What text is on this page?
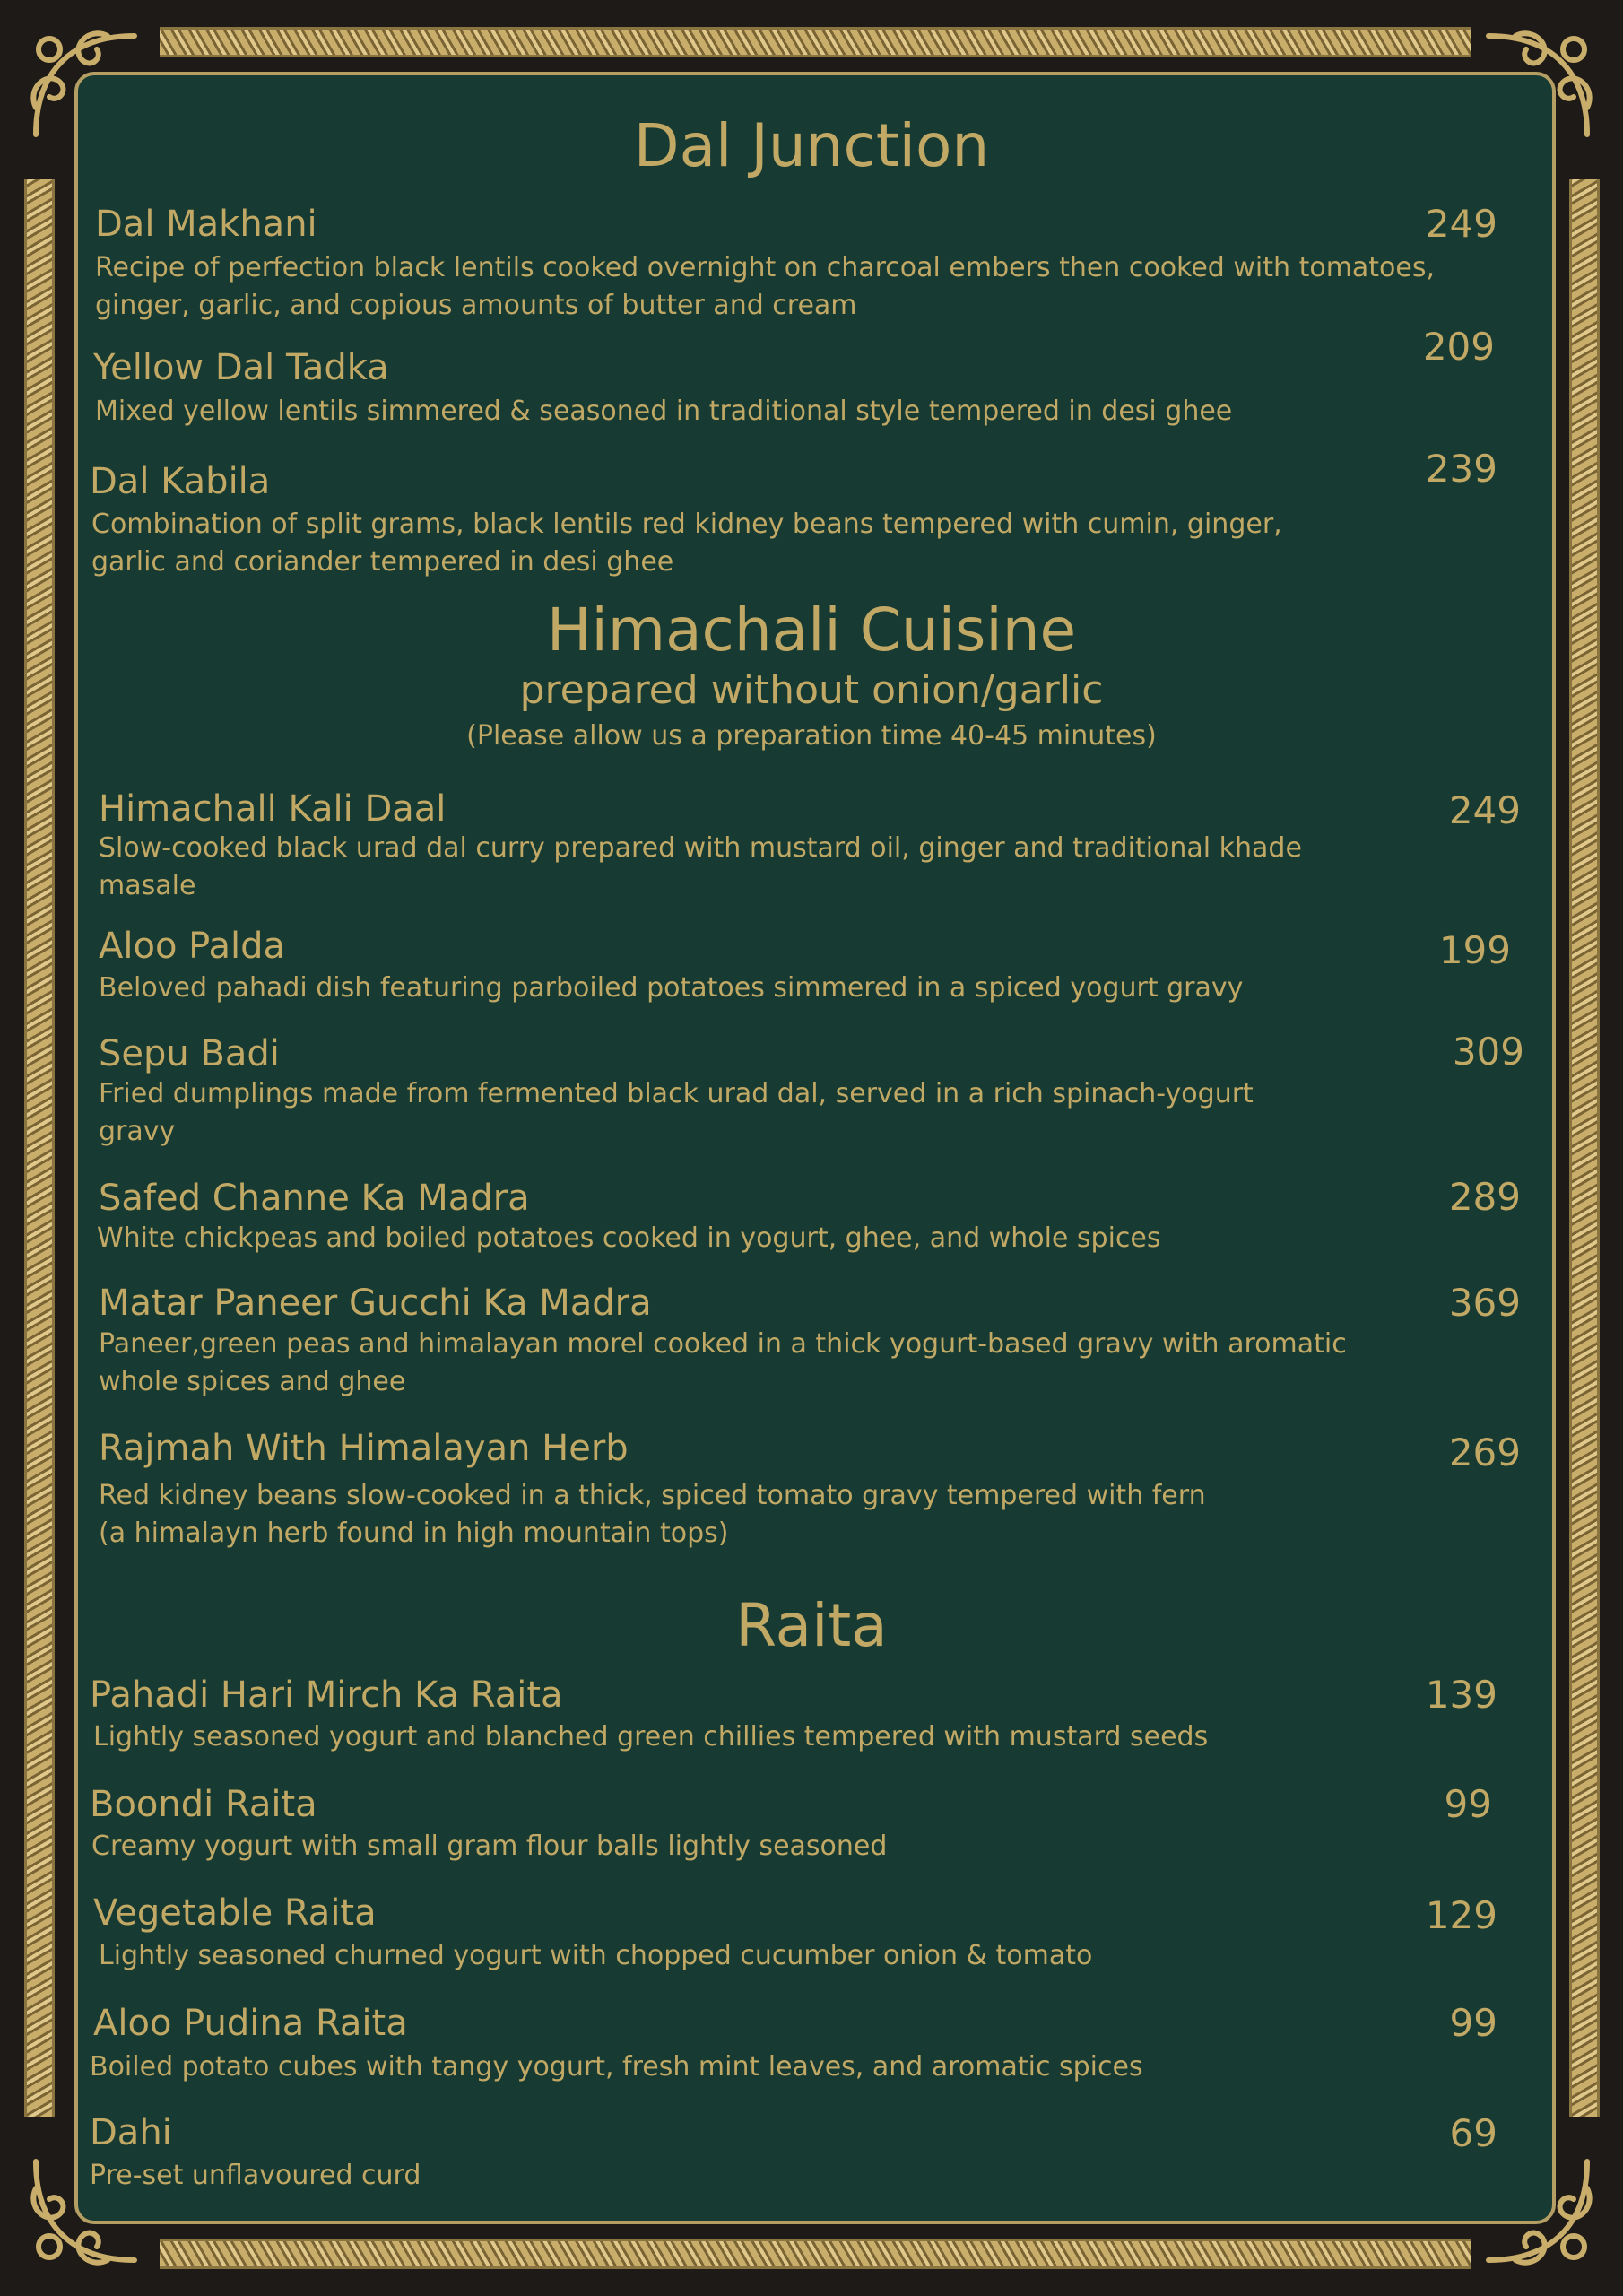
Dal Junction
Dal Makhani	249
Recipe of perfection black lentils cooked overnight on charcoal embers then cooked with tomatoes, ginger, garlic, and copious amounts of butter and cream
Yellow Dal Tadka	209
Mixed yellow lentils simmered & seasoned in traditional style tempered in desi ghee
Dal Kabila	239
Combination of split grams, black lentils red kidney beans tempered with cumin, ginger, garlic and coriander tempered in desi ghee
Himachali Cuisine
prepared without onion/garlic
(Please allow us a preparation time 40-45 minutes)
Himachall Kali Daal	249
Slow-cooked black urad dal curry prepared with mustard oil, ginger and traditional khade masale
Aloo Palda	199
Beloved pahadi dish featuring parboiled potatoes simmered in a spiced yogurt gravy
Sepu Badi	309
Fried dumplings made from fermented black urad dal, served in a rich spinach-yogurt gravy
Safed Channe Ka Madra	289
White chickpeas and boiled potatoes cooked in yogurt, ghee, and whole spices
Matar Paneer Gucchi Ka Madra	369
Paneer,green peas and himalayan morel cooked in a thick yogurt-based gravy with aromatic whole spices and ghee
Rajmah With Himalayan Herb	269
Red kidney beans slow-cooked in a thick, spiced tomato gravy tempered with fern
(a himalayn herb found in high mountain tops)
Raita
Pahadi Hari Mirch Ka Raita	139
Lightly seasoned yogurt and blanched green chillies tempered with mustard seeds
Boondi Raita	99
Creamy yogurt with small gram flour balls lightly seasoned
Vegetable Raita	129
Lightly seasoned churned yogurt with chopped cucumber onion & tomato
Aloo Pudina Raita	99
Boiled potato cubes with tangy yogurt, fresh mint leaves, and aromatic spices
Dahi	69
Pre-set unflavoured curd
